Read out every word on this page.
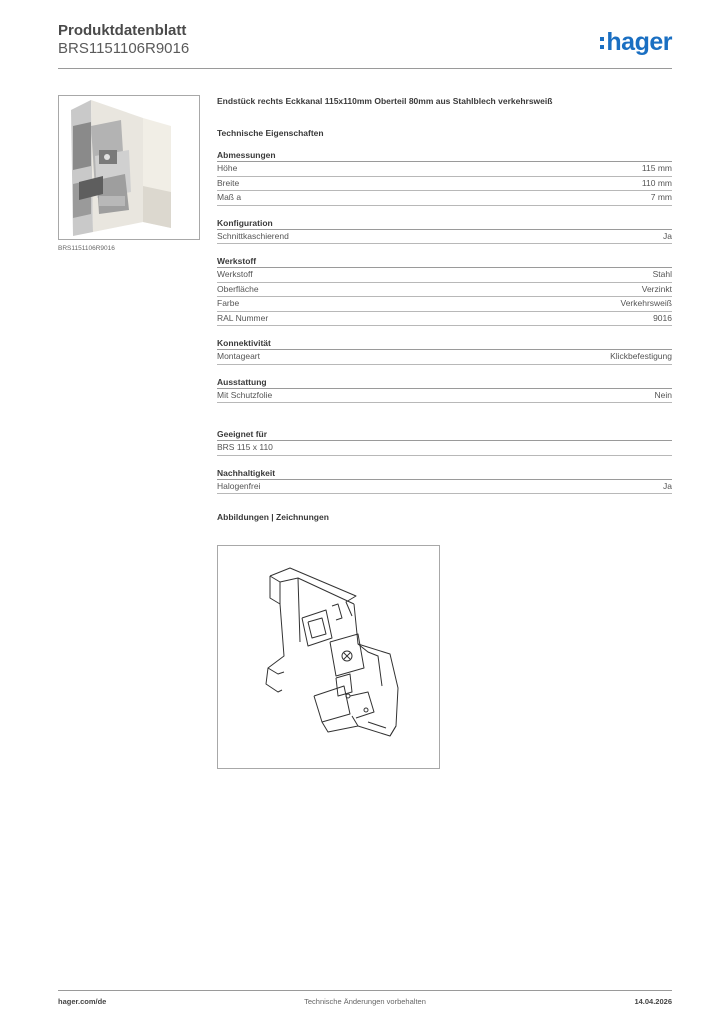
Produktdatenblatt
BRS1151106R9016	hager
BRS1151106R9016
Endstück rechts Eckkanal 115x110mm Oberteil 80mm aus Stahlblech verkehrsweiß
Technische Eigenschaften
Abmessungen
Höhe	115 mm
Breite	110 mm
Maß a	7 mm
Konfiguration
Schnittkaschierend	Ja
Werkstoff
Werkstoff	Stahl
Oberfläche	Verzinkt
Farbe	Verkehrsweiß
RAL Nummer	9016
Konnektivität
Montageart	Klickbefestigung
Ausstattung
Mit Schutzfolie	Nein
Geeignet für
BRS 115 x 110
Nachhaltigkeit
Halogenfrei	Ja
Abbildungen | Zeichnungen
hager.com/de	Technische Änderungen vorbehalten	14.04.2026
